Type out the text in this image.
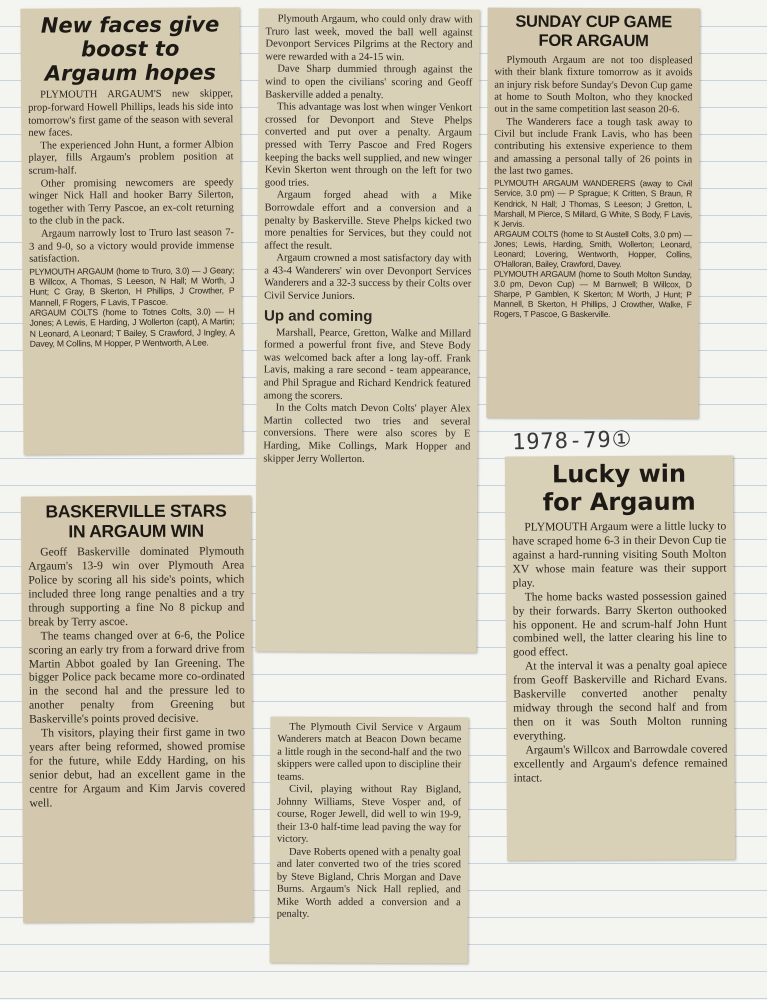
New faces give
boost to
Argaum hopes

PLYMOUTH ARGAUM'S new skipper, prop-forward Howell Phillips, leads his side into tomorrow's first game of the season with several new faces.

The experienced John Hunt, a former Albion player, fills Argaum's problem position at scrum-half.

Other promising newcomers are speedy winger Nick Hall and hooker Barry Silerton, together with Terry Pascoe, an ex-colt returning to the club in the pack.

Argaum narrowly lost to Truro last season 7-3 and 9-0, so a victory would provide immense satisfaction.

PLYMOUTH ARGAUM (home to Truro, 3.0) — J Geary; B Willcox, A Thomas, S Leeson, N Hall; M Worth, J Hunt; C Gray, B Skerton, H Phillips, J Crowther, P Mannell, F Rogers, F Lavis, T Pascoe.

ARGAUM COLTS (home to Totnes Colts, 3.0) — H Jones; A Lewis, E Harding, J Wollerton (capt), A Martin; N Leonard, A Leonard; T Bailey, S Crawford, J Ingley, A Davey, M Collins, M Hopper, P Wentworth, A Lee.

Plymouth Argaum, who could only draw with Truro last week, moved the ball well against Devonport Services Pilgrims at the Rectory and were rewarded with a 24-15 win.

Dave Sharp dummied through against the wind to open the civilians' scoring and Geoff Baskerville added a penalty.

This advantage was lost when winger Venkort crossed for Devonport and Steve Phelps converted and put over a penalty. Argaum pressed with Terry Pascoe and Fred Rogers keeping the backs well supplied, and new winger Kevin Skerton went through on the left for two good tries.

Argaum forged ahead with a Mike Borrowdale effort and a conversion and a penalty by Baskerville. Steve Phelps kicked two more penalties for Services, but they could not affect the result.

Argaum crowned a most satisfactory day with a 43-4 Wanderers' win over Devonport Services Wanderers and a 32-3 success by their Colts over Civil Service Juniors.

Up and coming

Marshall, Pearce, Gretton, Walke and Millard formed a powerful front five, and Steve Body was welcomed back after a long lay-off. Frank Lavis, making a rare second - team appearance, and Phil Sprague and Richard Kendrick featured among the scorers.

In the Colts match Devon Colts' player Alex Martin collected two tries and several conversions. There were also scores by E Harding, Mike Collings, Mark Hopper and skipper Jerry Wollerton.

SUNDAY CUP GAME
FOR ARGAUM

Plymouth Argaum are not too displeased with their blank fixture tomorrow as it avoids an injury risk before Sunday's Devon Cup game at home to South Molton, who they knocked out in the same competition last season 20-6.

The Wanderers face a tough task away to Civil but include Frank Lavis, who has been contributing his extensive experience to them and amassing a personal tally of 26 points in the last two games.

PLYMOUTH ARGAUM WANDERERS (away to Civil Service, 3.0 pm) — P Sprague; K Critten, S Braun, R Kendrick, N Hall; J Thomas, S Leeson; J Gretton, L Marshall, M Pierce, S Millard, G White, S Body, F Lavis, K Jervis.

ARGAUM COLTS (home to St Austell Colts, 3.0 pm) — Jones; Lewis, Harding, Smith, Wollerton; Leonard, Leonard; Lovering, Wentworth, Hopper, Collins, O'Halloran, Bailey, Crawford, Davey.

PLYMOUTH ARGAUM (home to South Molton Sunday, 3.0 pm, Devon Cup) — M Barnwell; B Willcox, D Sharpe, P Gamblen, K Skerton; M Worth, J Hunt; P Mannell, B Skerton, H Phillips, J Crowther, Walke, F Rogers, T Pascoe, G Baskerville.

1978-79①
BASKERVILLE STARS
IN ARGAUM WIN

Geoff Baskerville dominated Plymouth Argaum's 13-9 win over Plymouth Area Police by scoring all his side's points, which included three long range penalties and a try through supporting a fine No 8 pickup and break by Terry ascoe.

The teams changed over at 6-6, the Police scoring an early try from a forward drive from Martin Abbot goaled by Ian Greening. The bigger Police pack became more co-ordinated in the second hal and the pressure led to another penalty from Greening but Baskerville's points proved decisive.

Th visitors, playing their first game in two years after being reformed, showed promise for the future, while Eddy Harding, on his senior debut, had an excellent game in the centre for Argaum and Kim Jarvis covered well.

The Plymouth Civil Service v Argaum Wanderers match at Beacon Down became a little rough in the second-half and the two skippers were called upon to discipline their teams.

Civil, playing without Ray Bigland, Johnny Williams, Steve Vosper and, of course, Roger Jewell, did well to win 19-9, their 13-0 half-time lead paving the way for victory.

Dave Roberts opened with a penalty goal and later converted two of the tries scored by Steve Bigland, Chris Morgan and Dave Burns. Argaum's Nick Hall replied, and Mike Worth added a conversion and a penalty.

Lucky win
for Argaum

PLYMOUTH Argaum were a little lucky to have scraped home 6-3 in their Devon Cup tie against a hard-running visiting South Molton XV whose main feature was their support play.

The home backs wasted possession gained by their forwards. Barry Skerton outhooked his opponent. He and scrum-half John Hunt combined well, the latter clearing his line to good effect.

At the interval it was a penalty goal apiece from Geoff Baskerville and Richard Evans. Baskerville converted another penalty midway through the second half and from then on it was South Molton running everything.

Argaum's Willcox and Barrowdale covered excellently and Argaum's defence remained intact.
